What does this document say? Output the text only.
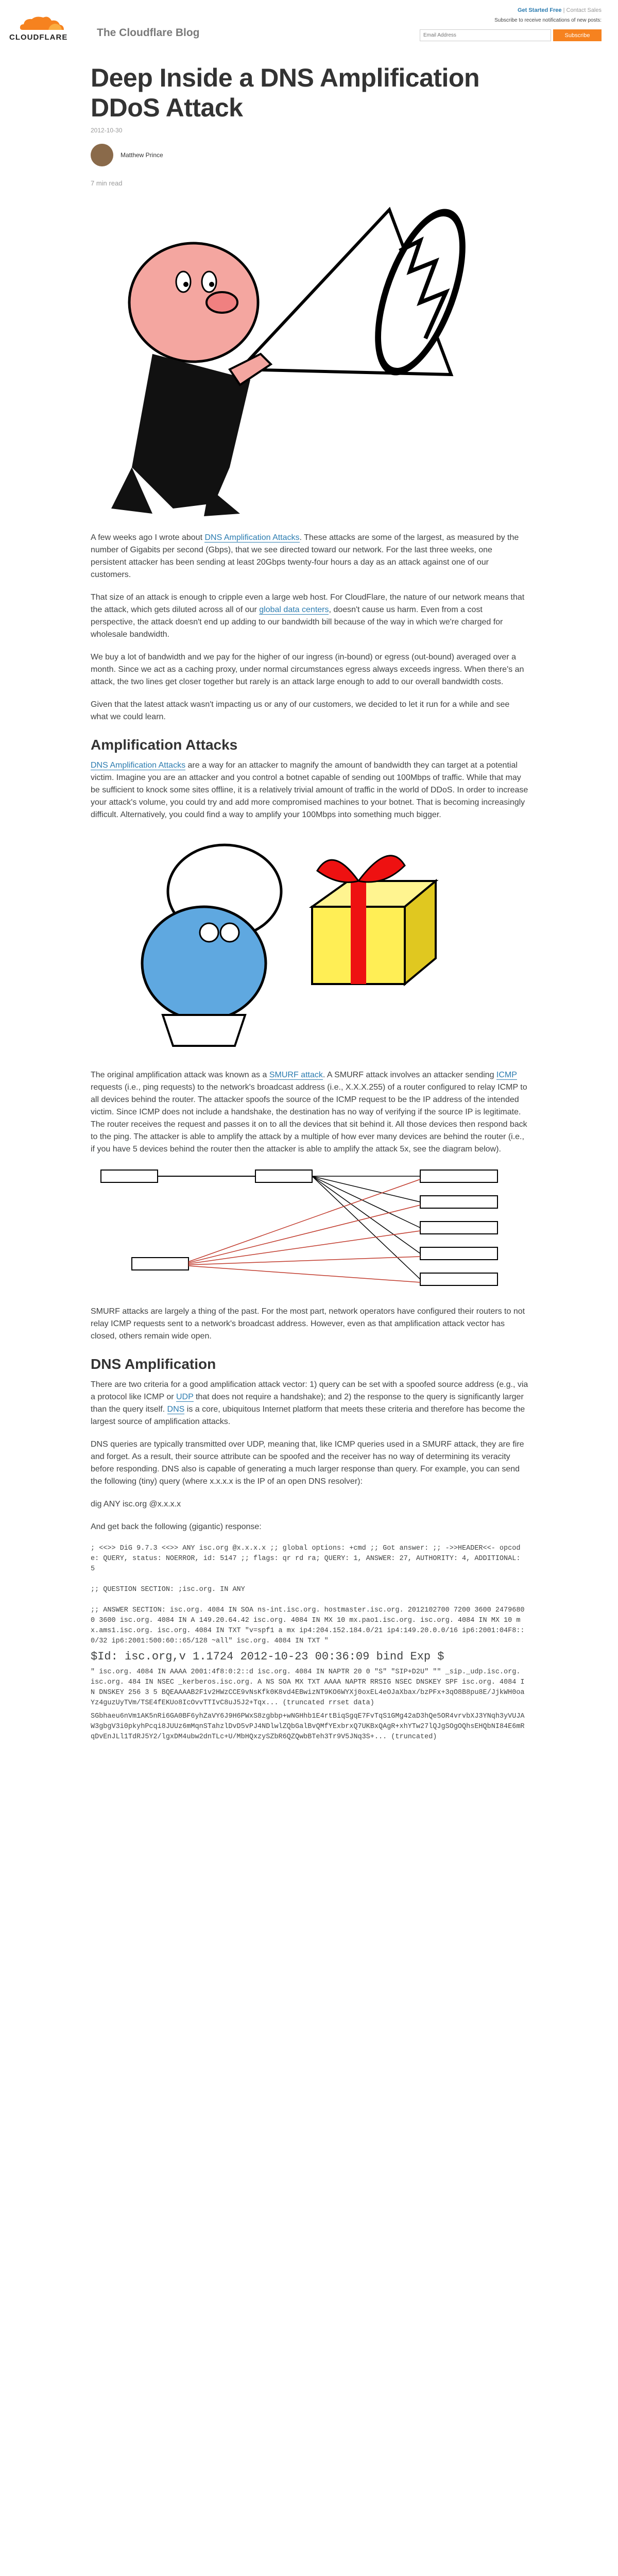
CLOUDFLARE	The Cloudflare Blog
Get Started Free | Contact Sales
Subscribe to receive notifications of new posts:
Email Address
Subscribe
Deep Inside a DNS Amplification DDoS Attack
2012-10-30
Matthew Prince
7 min read

A few weeks ago I wrote about DNS Amplification Attacks. These attacks are some of the largest, as measured by the number of Gigabits per second (Gbps), that we see directed toward our network. For the last three weeks, one persistent attacker has been sending at least 20Gbps twenty-four hours a day as an attack against one of our customers.

That size of an attack is enough to cripple even a large web host. For CloudFlare, the nature of our network means that the attack, which gets diluted across all of our global data centers, doesn't cause us harm. Even from a cost perspective, the attack doesn't end up adding to our bandwidth bill because of the way in which we're charged for wholesale bandwidth.

We buy a lot of bandwidth and we pay for the higher of our ingress (in-bound) or egress (out-bound) averaged over a month. Since we act as a caching proxy, under normal circumstances egress always exceeds ingress. When there's an attack, the two lines get closer together but rarely is an attack large enough to add to our overall bandwidth costs.

Given that the latest attack wasn't impacting us or any of our customers, we decided to let it run for a while and see what we could learn.

Amplification Attacks

DNS Amplification Attacks are a way for an attacker to magnify the amount of bandwidth they can target at a potential victim. Imagine you are an attacker and you control a botnet capable of sending out 100Mbps of traffic. While that may be sufficient to knock some sites offline, it is a relatively trivial amount of traffic in the world of DDoS. In order to increase your attack's volume, you could try and add more compromised machines to your botnet. That is becoming increasingly difficult. Alternatively, you could find a way to amplify your 100Mbps into something much bigger.

The original amplification attack was known as a SMURF attack. A SMURF attack involves an attacker sending ICMP requests (i.e., ping requests) to the network's broadcast address (i.e., X.X.X.255) of a router configured to relay ICMP to all devices behind the router. The attacker spoofs the source of the ICMP request to be the IP address of the intended victim. Since ICMP does not include a handshake, the destination has no way of verifying if the source IP is legitimate. The router receives the request and passes it on to all the devices that sit behind it. All those devices then respond back to the ping. The attacker is able to amplify the attack by a multiple of how ever many devices are behind the router (i.e., if you have 5 devices behind the router then the attacker is able to amplify the attack 5x, see the diagram below).

SMURF attacks are largely a thing of the past. For the most part, network operators have configured their routers to not relay ICMP requests sent to a network's broadcast address. However, even as that amplification attack vector has closed, others remain wide open.

DNS Amplification

There are two criteria for a good amplification attack vector: 1) query can be set with a spoofed source address (e.g., via a protocol like ICMP or UDP that does not require a handshake); and 2) the response to the query is significantly larger than the query itself. DNS is a core, ubiquitous Internet platform that meets these criteria and therefore has become the largest source of amplification attacks.

DNS queries are typically transmitted over UDP, meaning that, like ICMP queries used in a SMURF attack, they are fire and forget. As a result, their source attribute can be spoofed and the receiver has no way of determining its veracity before responding. DNS also is capable of generating a much larger response than query. For example, you can send the following (tiny) query (where x.x.x.x is the IP of an open DNS resolver):

dig ANY isc.org @x.x.x.x

And get back the following (gigantic) response:

; <<>> DiG 9.7.3 <<>> ANY isc.org @x.x.x.x ;; global options: +cmd ;; Got answer: ;; ->>HEADER<<- opcode: QUERY, status: NOERROR, id: 5147 ;; flags: qr rd ra; QUERY: 1, ANSWER: 27, AUTHORITY: 4, ADDITIONAL: 5
;; QUESTION SECTION: ;isc.org. IN ANY
;; ANSWER SECTION: isc.org. 4084 IN SOA ns-int.isc.org. hostmaster.isc.org. 2012102700 7200 3600 24796800 3600 isc.org. 4084 IN A 149.20.64.42 isc.org. 4084 IN MX 10 mx.pao1.isc.org. isc.org. 4084 IN MX 10 mx.ams1.isc.org. isc.org. 4084 IN TXT "v=spf1 a mx ip4:204.152.184.0/21 ip4:149.20.0.0/16 ip6:2001:04F8::0/32 ip6:2001:500:60::65/128 ~all" isc.org. 4084 IN TXT "
$Id: isc.org,v 1.1724 2012-10-23 00:36:09 bind Exp $
" isc.org. 4084 IN AAAA 2001:4f8:0:2::d isc.org. 4084 IN NAPTR 20 0 "S" "SIP+D2U" "" _sip._udp.isc.org. isc.org. 484 IN NSEC _kerberos.isc.org. A NS SOA MX TXT AAAA NAPTR RRSIG NSEC DNSKEY SPF isc.org. 4084 IN DNSKEY 256 3 5 BQEAAAAB2F1v2HWzCCE9vNsKfk0K8vd4EBwizNT9KO6WYXj0oxEL4eOJaXbax/bzPFx+3qO8B8pu8E/JjkWH0oaYz4guzUyTVm/TSE4fEKUo8IcOvvTTIvC8uJ5J2+Tqx... (truncated rrset data)
SGbhaeu6nVm1AK5nRi6GA0BF6yhZaVY6J9H6PWxS8zgbbp+wNGHhb1E4rtBiqSgqE7FvTqS1GMg42aD3hQe5OR4vrvbXJ3YNqh3yVUJAW3gbgV3i0pkyhPcqi8JUUz6mMqnSTahzlDvD5vPJ4NDlwlZQbGalBvQMfYExbrxQ7UKBxQAgR+xhYTw27lQJgSOgOQhsEHQbNI84E6mRqDvEnJLl1TdRJ5Y2/lgxDM4ubw2dnTLc+U/MbHQxzySZbR6QZQwbBTeh3Tr9V5JNq3S+... (truncated)
